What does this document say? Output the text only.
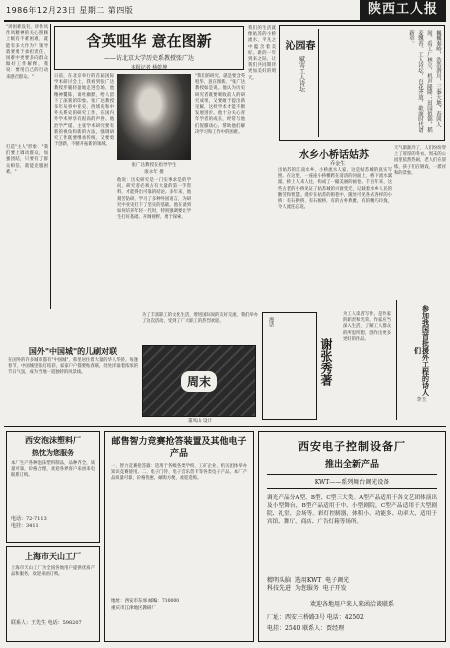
1986年12月23日 星期二 第四版	陕西工人报
"讲困难没有，讲作风作风精神的关心照顾上级有不难困难，就能有多大作为？领导就要勇于承担责任，困难中更要多向群众做好工作解释，我说：要用自己的行动来感召群众。"
打造"主人"形象："我们要上调动群众，加强团结，只要有了群众相信，就能克服困难。"
含英咀华 意在图新
——访北京大学历史系教授张广达
本报记者 杨乾坤
日前，在北京举行的首届国际学术研讨会上，我看到张广达教授步履轻盈地走进会场，他精神矍铄，谈吐幽默，给人留下了深刻的印象。张广达教授多年从事中亚史、西域史和中外关系史的研究工作，在国内外学术界享有很高的声誉。他治学严谨，主张学术研究要有新的视角和新的方法，强调研究工作既要继承传统，又要勇于创新，不断开拓新的领域。
张广达教授在指导学生
康永年 摄
他说：历史研究是一门实事求是的学问，研究者必须占有大量的第一手资料，才能得出可靠的结论。多年来，他刻苦钻研，学习了多种外国语言，为研究中亚史打下了坚实的基础。他在谈到如何培养年轻一代时，特别强调要让学生打好基础，开阔视野，勇于探索。
"我们的研究，就是要含英咀华，意在图新。"张广达教授如是说。他认为历史研究者既要吸收前人的研究成果，又要敢于提出新见解，这样学术才能不断发展进步。他十分关心青年学者的成长，经常与他们促膝谈心，帮助他们解决学习和工作中的困难。
我们的生活就像姑苏的小桥流水，平凡之中蕴含着美好。新的一年到来之际，让我们共同期待更加美好的明天。
沁园春
赋寄工人诗坛	巍巍秦岭，浩浩渭川，三秦大地，春回人间。看工厂林立，机声隆隆；田园似锦，稻麦飘香。工人诗坛，百花齐放，歌颂时代谱新章。
水乡小桥话姑苏
乔金生
出姑苏的江南水乡，小桥流水人家，这是姑苏城的真实写照。在这里，一座座小桥横跨在清清的河面上，桥下流水潺潺，桥上人来人往，构成了一幅美丽的画卷。千百年来，这些古老的小桥见证了姑苏城的兴衰变迁，记载着水乡人民的勤劳和智慧。漫步在姑苏的街巷中，随处可见各式各样的小桥：有石拱桥、有石板桥，有的古朴典雅，有的精巧玲珑，令人流连忘返。
天气渐渐冷了，人们纷纷穿上了厚厚的冬衣。周末的公园里依然热闹，老人们在晨练，孩子们在嬉戏，一派祥和的景象。
周末
董凤山 设计
国外"中国城"的儿刷对联
在国外的许多城市都有"中国城"，那里居住着大量的华人华侨。每逢春节，中国城里张灯结彩，家家户户都要贴春联，处处洋溢着浓浓的节日气氛，成为当地一道独特的风景线。
为了丰富职工的文化生活，增进国际间的友好交流，我们举办了这次活动，受到了广大职工的热烈欢迎。	漫话
谢张秀著
为工人读者写作，是作家的职责和光荣。作家应当深入生活，了解工人群众的所思所想，创作出更多更好的作品。	参加我国首批援外工程的诗人们
李玉
西安泡沫塑料厂
热忱为您服务
本厂生产各种泡沫塑料制品，品种齐全，质量可靠，价格合理，欢迎各界客户来函来电联系订购。
电话：72-7113
电挂：3411
上海市天山工厂
上海市天山工厂为全国各地用户提供优质产品和服务，欢迎来函订购。
联系人：王先生 电话：598207
邮售智力竞赛抢答装置及其他电子产品
一、智力竞赛抢答器：适用于各级各类学校、工矿企业、机关团体举办知识竞赛使用。二、电子门铃、电子音乐贺卡等各类电子产品。本厂产品质量可靠，价格优惠，邮购方便，欢迎选购。
地址：西安市东郊 邮编：710000
重庆市江津地区教研厂
西安电子控制设备厂
推出全新产品
KWT——系列舞台调光设备
调光产品分A型、B型、C型三大类。A型产品适用于各文艺团体演出及小型舞台，B型产品适用于中、小型剧院，C型产品适用于大型剧院、礼堂、会场等。彩灯控制器，体积小、功能多、功率大，适用于宾馆、舞厅、商店、广告灯箱等场所。
精明头脑  选用KWT  电子调光
科技先进  为您服务  电子开发
欢迎各地用户来人来函洽谈联系
厂址：西安三桥路3号 电话：42502
电挂：2540 联系人：贾经理
